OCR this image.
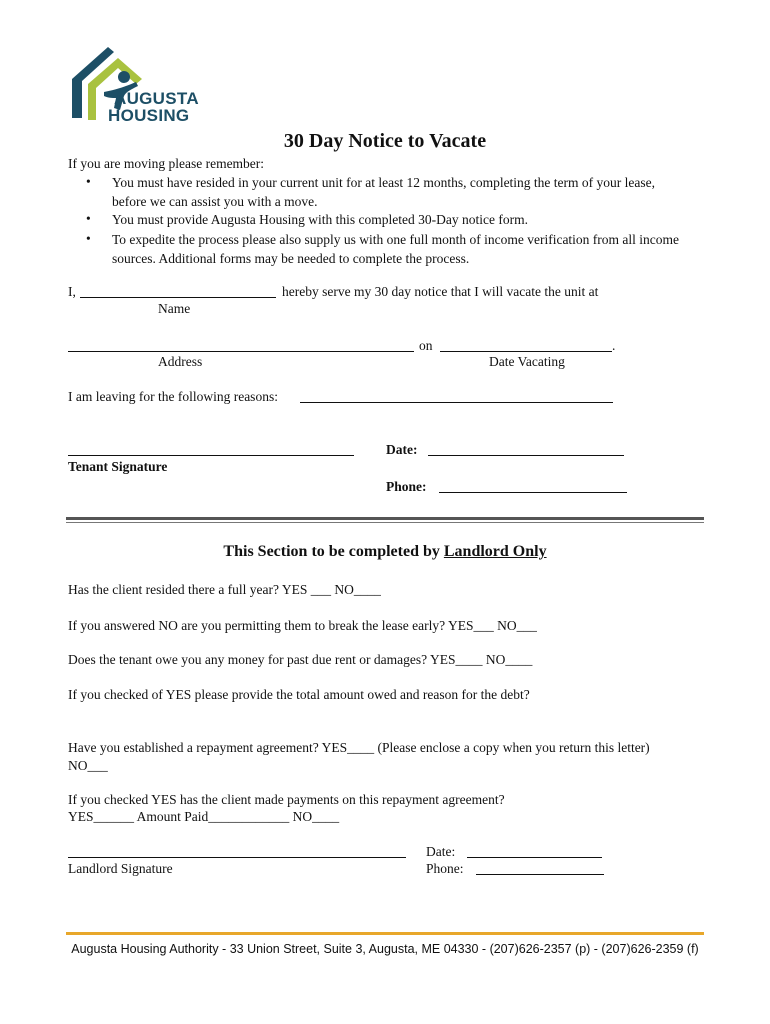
AUGUSTA
HOUSING
30 Day Notice to Vacate
If you are moving please remember:
• You must have resided in your current unit for at least 12 months, completing the term of your lease, before we can assist you with a move.
• You must provide Augusta Housing with this completed 30-Day notice form.
• To expedite the process please also supply us with one full month of income verification from all income sources. Additional forms may be needed to complete the process.
I,	hereby serve my 30 day notice that I will vacate the unit at
Name
on	.
Address	Date Vacating
I am leaving for the following reasons:
Date:
Tenant Signature
Phone:
This Section to be completed by Landlord Only
Has the client resided there a full year? YES ___ NO____
If you answered NO are you permitting them to break the lease early? YES___ NO___
Does the tenant owe you any money for past due rent or damages? YES____ NO____
If you checked of YES please provide the total amount owed and reason for the debt?
Have you established a repayment agreement? YES____ (Please enclose a copy when you return this letter)
NO___
If you checked YES has the client made payments on this repayment agreement?
YES______ Amount Paid____________ NO____
Date:
Landlord Signature	Phone:
Augusta Housing Authority - 33 Union Street, Suite 3, Augusta, ME 04330 - (207)626-2357 (p) - (207)626-2359 (f)
